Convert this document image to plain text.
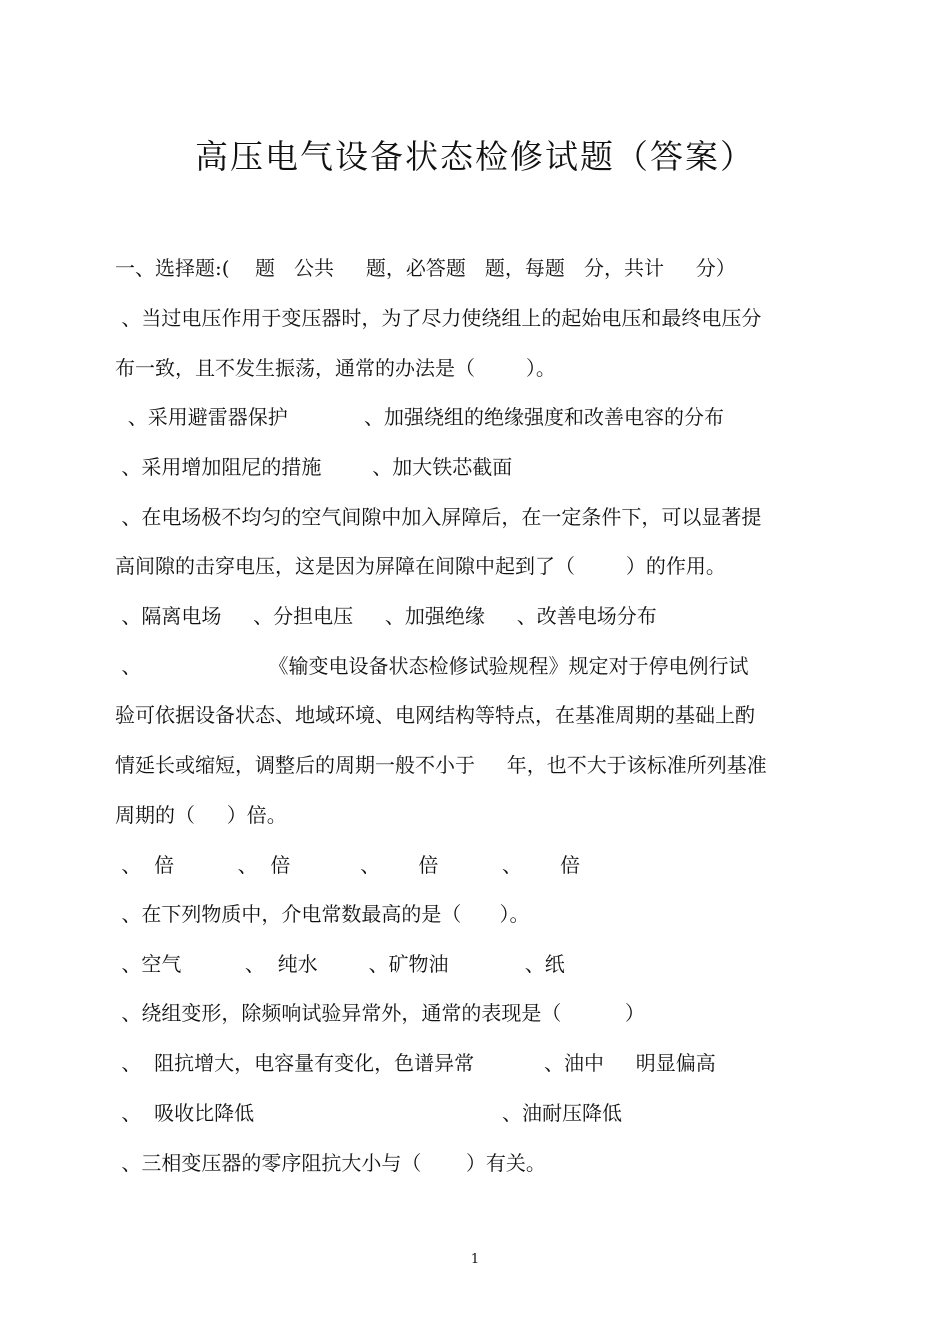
高压电气设备状态检修试题（答案）
一、选择题:(    题   公共     题，必答题   题，每题   分，共计     分）
、当过电压作用于变压器时，为了尽力使绕组上的起始电压和最终电压分
布一致，且不发生振荡，通常的办法是（        ）。
、采用避雷器保护            、加强绕组的绝缘强度和改善电容的分布
、采用增加阻尼的措施        、加大铁芯截面
、在电场极不均匀的空气间隙中加入屏障后，在一定条件下，可以显著提
高间隙的击穿电压，这是因为屏障在间隙中起到了（        ）的作用。
、隔离电场     、分担电压     、加强绝缘     、改善电场分布
、                    《输变电设备状态检修试验规程》规定对于停电例行试
验可依据设备状态、地域环境、电网结构等特点，在基准周期的基础上酌
情延长或缩短，调整后的周期一般不小于     年，也不大于该标准所列基准
周期的（     ）倍。
、  倍          、  倍           、      倍          、      倍
、在下列物质中，介电常数最高的是（      ）。
、空气          、  纯水        、矿物油            、纸
、绕组变形，除频响试验异常外，通常的表现是（          ）
、  阻抗增大，电容量有变化，色谱异常           、油中     明显偏高
、  吸收比降低                                       、油耐压降低
、三相变压器的零序阻抗大小与（       ）有关。
1
